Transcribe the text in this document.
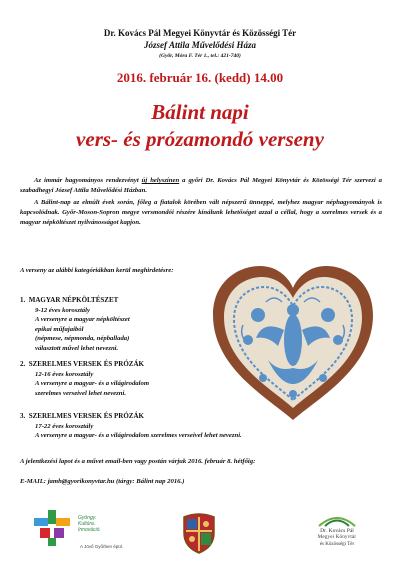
Dr. Kovács Pál Megyei Könyvtár és Közösségi Tér
József Attila Művelődési Háza
(Győr, Móra F. Tér 1., tel.: 421-740)
2016. február 16. (kedd) 14.00
Bálint napi
vers- és prózamondó verseny
Az immár hagyományos rendezvényt új helyszínen a győri Dr. Kovács Pál Megyei Könyvtár és Közösségi Tér szervezi a szabadhegyi József Attila Művelődési Házban.
A Bálint-nap az elmúlt évek során, főleg a fiatalok körében vált népszerű ünneppé, melyhez magyar néphagyományok is kapcsolódnak. Győr-Moson-Sopron megye versmondói részére kínálunk lehetőséget azzal a céllal, hogy a szerelmes versek és a magyar népköltészet nyilvánosságot kapjon.
A verseny az alábbi kategóriákban kerül meghirdetésre:
1. MAGYAR NÉPKÖLTÉSZET
9-12 éves korosztály
A versenyre a magyar népköltészet
epikai műfajaiból
(népmese, népmonda, népballada)
választott művel lehet nevezni.
2. SZERELMES VERSEK ÉS PRÓZÁK
12-16 éves korosztály
A versenyre a magyar- és a világirodalom
szerelmes verseivel lehet nevezni.
3. SZERELMES VERSEK ÉS PRÓZÁK
17-22 éves korosztály
A versenyre a magyar- és a világirodalom szerelmes verseivel lehet nevezni.
A jelentkezési lapot és a művet email-ben vagy postán várjuk 2016. február 8. hétfőig:
E-MAIL: jamh@gyorikonyvtar.hu (tárgy: Bálint nap 2016.)
Gyöngy.
Kultúra.
Innováció.
A Jövő Győrben épül.
Dr. Kovács Pál
Megyei Könyvtár
és Közösségi Tér
